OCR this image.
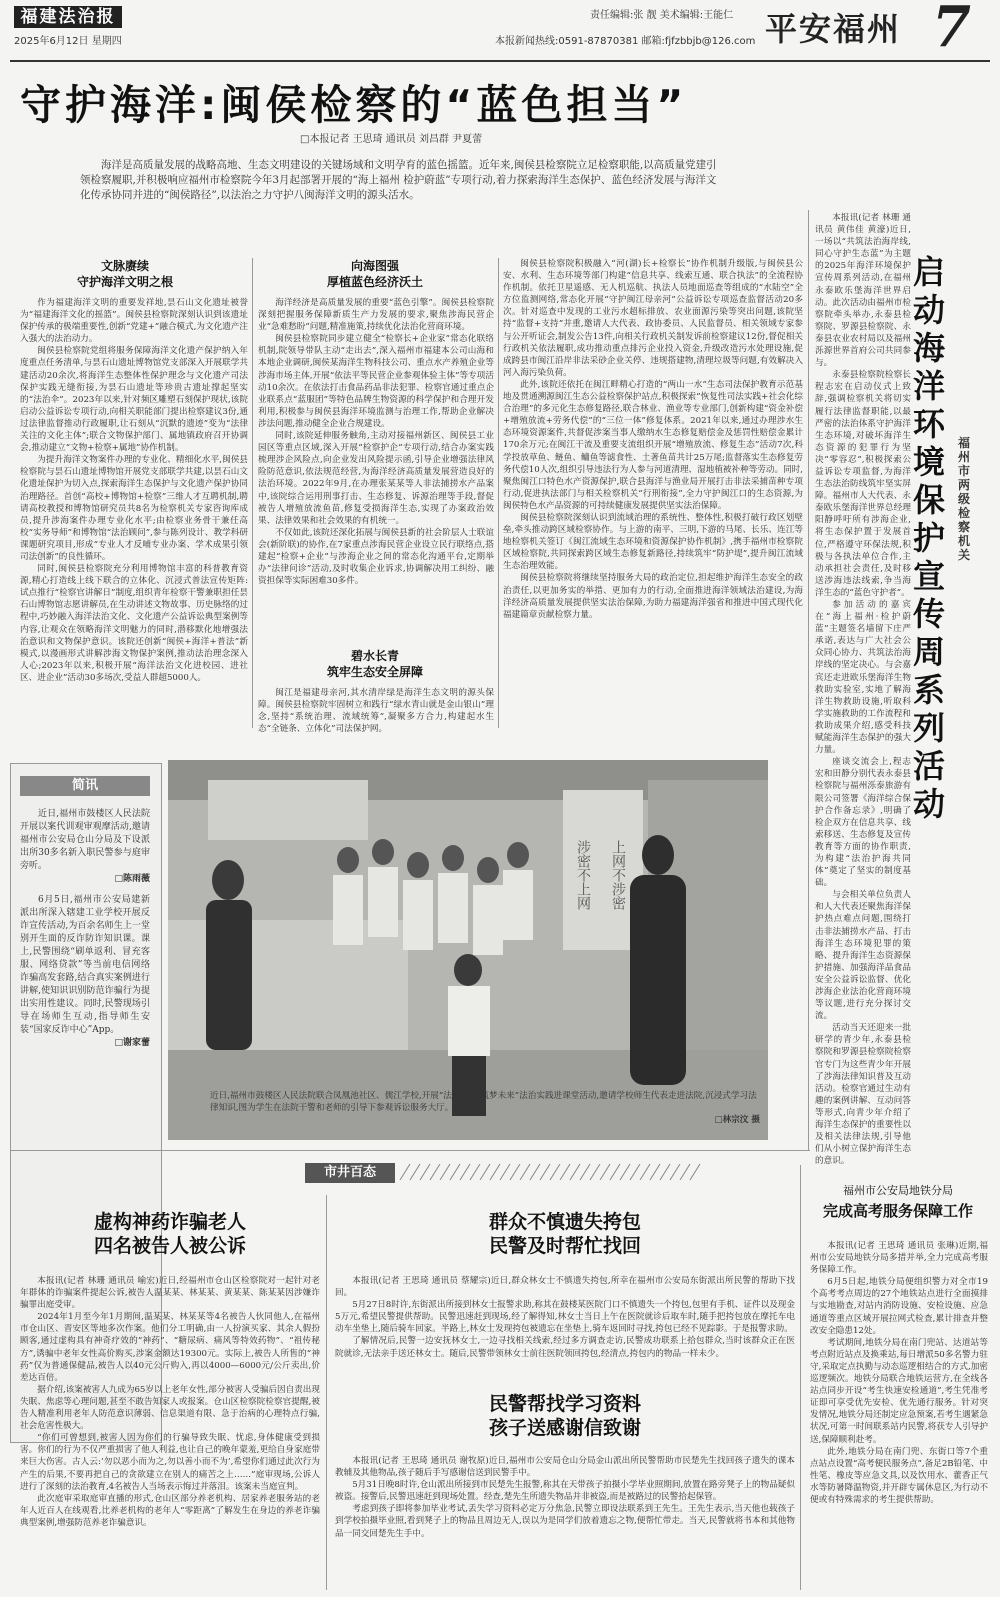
福建法治报
2025年6月12日 星期四
责任编辑:张 靓 美术编辑:王能仁
本报新闻热线:0591-87870381 邮箱:fjfzbbjb@126.com 平安福州 7
守护海洋:闽侯检察的“蓝色担当”
□本报记者 王思琦 通讯员 刘昌群 尹夏蕾
海洋是高质量发展的战略高地、生态文明建设的关键场域和文明孕育的蓝色摇篮。近年来,闽侯县检察院立足检察职能,以高质量党建引领检察履职,并积极响应福州市检察院今年3月起部署开展的“海上福州 检护蔚蓝”专项行动,着力探索海洋生态保护、蓝色经济发展与海洋文化传承协同并进的“闽侯路径”,以法治之力守护八闽海洋文明的源头活水。
文脉赓续
守护海洋文明之根
向海图强
厚植蓝色经济沃土
碧水长青
筑牢生态安全屏障

作为福建海洋文明的重要发祥地,昙石山文化遗址被誉为“福建海洋文化的摇篮”。闽侯县检察院深刻认识到该遗址保护传承的极端重要性,创新“党建+”融合模式,为文化遗产注入强大的法治动力。

闽侯县检察院党组将服务保障海洋文化遗产保护纳入年度重点任务清单,与昙石山遗址博物馆党支部深入开展联学共建活动20余次,将海洋生态整体性保护理念与文化遗产司法保护实践无缝衔接,为昙石山遗址等珍贵古遗址撑起坚实的“法治伞”。2023年以来,针对频区雕塑石刻保护现状,该院启动公益诉讼专项行动,向相关职能部门提出检察建议3份,通过法律监督推动行政履职,让石刻从“沉默的遗迹”变为“法律关注的文化主体”;联合文物保护部门、属地镇政府召开协调会,推动建立“文物+检察+属地”协作机制。

为提升海洋文物案件办理的专业化、精细化水平,闽侯县检察院与昙石山遗址博物馆开展党支部联学共建,以昙石山文化遗址保护为切入点,探索海洋生态保护与文化遗产保护协同治理路径。首创“高校+博物馆+检察”三维人才互聘机制,聘请高校教授和博物馆研究员共8名为检察机关专家咨询库成员,提升涉海案件办理专业化水平;由检察业务骨干兼任高校“实务导师”和博物馆“法治顾问”,参与陈列设计、教学科研课题研究项目,形成“专业人才反哺专业办案、学术成果引领司法创新”的良性循环。

同时,闽侯县检察院充分利用博物馆丰富的科普教育资源,精心打造线上线下联合的立体化、沉浸式普法宣传矩阵:试点推行“检察官讲解日”制度,组织青年检察干警兼职担任昙石山博物馆志愿讲解员,在生动讲述文物故事、历史脉络的过程中,巧妙融入海洋法治文化、文化遗产公益诉讼典型案例等内容,让观众在领略海洋文明魅力的同时,潜移默化地增强法治意识和文物保护意识。该院还创新“闽侯+海洋+普法”新模式,以漫画形式讲解涉海文物保护案例,推动法治理念深入人心;2023年以来,积极开展“海洋法治文化进校园、进社区、进企业”活动30多场次,受益人群超5000人。

海洋经济是高质量发展的重要“蓝色引擎”。闽侯县检察院深刻把握服务保障新质生产力发展的要求,聚焦涉海民营企业“急难愁盼”问题,精准施策,持续优化法治化营商环境。

闽侯县检察院同步建立健全“检察长+企业家”常态化联络机制,院领导带队主动“走出去”,深入福州市福建本公司山海和本地企业调研,闽侯某海洋生物科技公司、重点水产养殖企业等涉海市场主体,开展“依法平等民营企业参观体验主体”等专项活动10余次。在依法打击食品药品非法犯罪、检察官通过重点企业联系点“蓝服团”等特色品牌生物资源的科学保护和合理开发利用,积极参与闽侯县海洋环境监测与治理工作,帮助企业解决涉法问题,推动健全企业合规建设。

同时,该院延伸服务触角,主动对接福州新区、闽侯县工业园区等重点区域,深入开展“检察护企”专项行动,结合办案实践梳理涉企风险点,向企业发出风险提示函,引导企业增强法律风险防范意识,依法规范经营,为海洋经济高质量发展营造良好的法治环境。2022年9月,在办理张某某等人非法捕捞水产品案中,该院综合运用刑事打击、生态修复、诉源治理等手段,督促被告人增殖放流鱼苗,修复受损海洋生态,实现了办案政治效果、法律效果和社会效果的有机统一。

不仅如此,该院还深化拓展与闽侯县新的社会阶层人士联谊会(新阶联)的协作,在7家重点涉海民营企业设立民行联络点,搭建起“检察+企业”与涉海企业之间的常态化沟通平台,定期举办“法律问诊”活动,及时收集企业诉求,协调解决用工纠纷、融资担保等实际困难30多件。

闽江是福建母亲河,其水清岸绿是海洋生态文明的源头保障。闽侯县检察院牢固树立和践行“绿水青山就是金山银山”理念,坚持“系统治理、流域统筹”,凝聚多方合力,构建起水生态“全链条、立体化”司法保护网。

闽侯县检察院积极融入“河(湖)长+检察长”协作机制升级版,与闽侯县公安、水利、生态环境等部门构建“信息共享、线索互通、联合执法”的全流程协作机制。依托卫星遥感、无人机巡航、执法人员地面巡查等组成的“水陆空”全方位监测网络,常态化开展“守护闽江母亲河”公益诉讼专项巡查监督活动20多次。针对巡查中发现的工业污水超标排放、农业面源污染等突出问题,该院坚持“监督+支持”并重,邀请人大代表、政协委员、人民监督员、相关领域专家参与公开听证会,制发公告13件,向相关行政机关制发诉前检察建议12份,督促相关行政机关依法履职,成功推动重点排污企业投入资金,升级改造污水处理设施,促成跨县市闽江沿岸非法采砂企业关停、违规搭建物,清理垃圾等问题,有效解决入河入海污染负荷。

此外,该院还依托在闽江畔精心打造的“两山一水”生态司法保护教育示范基地及贯通溯源闽江生态公益检察保护站点,积极探索“恢复性司法实践+社会化综合治理”的多元化生态修复路径,联合林业、渔业等专业部门,创新构建“资金补偿+增殖放流+劳务代偿”的“三位一体”修复体系。2021年以来,通过办理涉水生态环境资源案件,共督促涉案当事人缴纳水生态修复赔偿金及惩罚性赔偿金累计170余万元;在闽江干流及重要支流组织开展“增殖放流、修复生态”活动7次,科学投放草鱼、鲢鱼、鳙鱼等滤食性、土著鱼苗共计25万尾;监督落实生态修复劳务代偿10人次,组织引导违法行为人参与河道清理、湿地植被补种等劳动。同时,聚焦闽江口特色水产资源保护,联合县海洋与渔业局开展打击非法采捕苗种专项行动,促进执法部门与相关检察机关“行刑衔接”,全力守护闽江口的生态资源,为闽侯特色水产品资源的可持续健康发展提供坚实法治保障。

闽侯县检察院深刻认识到流域治理的系统性、整体性,积极打破行政区划壁垒,牵头推动跨区域检察协作。与上游的南平、三明,下游的马尾、长乐、连江等地检察机关签订《闽江流域生态环境和资源保护协作机制》,携手福州市检察院区域检察院,共同探索跨区域生态修复新路径,持续筑牢“防护堤”,提升闽江流域生态治理效能。

闽侯县检察院将继续坚持服务大局的政治定位,担起维护海洋生态安全的政治责任,以更加务实的举措、更加有力的行动,全面推进海洋领域法治建设,为海洋经济高质量发展提供坚实法治保障,为助力福建海洋强省和推进中国式现代化福建篇章贡献检察力量。

启动海洋环境保护宣传周系列活动
福州市两级检察机关

本报讯(记者 林珊 通讯员 黄伟佳 黄濠)近日,一场以“共筑法治海岸线,同心守护生态蓝”为主题的2025年海洋环境保护宣传周系列活动,在福州永泰欧乐堡海洋世界启动。此次活动由福州市检察院牵头举办,永泰县检察院、罗源县检察院、永泰县农业农村局以及福州泺源世界首府公司共同参与。

永泰县检察院检察长程志宏在启动仪式上致辞,强调检察机关将切实履行法律监督职能,以最严密的法治体系守护海洋生态环境,对破坏海洋生态资源的犯罪行为坚决“零容忍”,积极探索公益诉讼专项监督,为海洋生态法治防线筑牢坚实屏障。福州市人大代表、永泰欧乐堡海洋世界总经理阳静呼吁所有涉海企业,将生态保护置于发展首位,严格遵守环保法规,积极与各执法单位合作,主动承担社会责任,及时移送涉海违法线索,争当海洋生态的“蓝色守护者”。

参加活动的嘉宾在“海上福州·检护蔚蓝”主题签名墙留下庄严承诺,表达与广大社会公众同心协力、共筑法治海岸线的坚定决心。与会嘉宾还走进欧乐堡海洋生物救助实验室,实地了解海洋生物救助设施,听取科学实施救助的工作流程和救助成果介绍,感受科技赋能海洋生态保护的强大力量。

座谈交流会上,程志宏和田静分别代表永泰县检察院与福州泺泰旅游有限公司签署《海洋综合保护合作备忘录》,明确了检企双方在信息共享、线索移送、生态修复及宣传教育等方面的协作职责,为构建“法治护海共同体”奠定了坚实的制度基础。

与会相关单位负责人和人大代表还聚焦海洋保护热点难点问题,围绕打击非法捕捞水产品、打击海洋生态环境犯罪的策略、提升海洋生态资源保护措施、加强海洋品食品安全公益诉讼监督、优化涉海企业法治化营商环境等议题,进行充分探讨交流。

活动当天还迎来一批研学的青少年,永泰县检察院和罗源县检察院检察官专门为这些青少年开展了涉海法律知识普及互动活动。检察官通过生动有趣的案例讲解、互动问答等形式,向青少年介绍了海洋生态保护的重要性以及相关法律法规,引导他们从小树立保护海洋生态的意识。

简讯

近日,福州市鼓楼区人民法院开展以案代训观审观摩活动,邀请福州市公安局仓山分局及下设派出所30多名新入职民警参与庭审旁听。

□陈雨薇

6月5日,福州市公安局建新派出所深入辖建工业学校开展反诈宣传活动,为百余名师生上一堂别开生面的反诈防诈知识课。课上,民警围绕“刷单返利、冒充客服、网络贷款”等当前电信网络诈骗高发套路,结合真实案例进行讲解,使知识识别防范诈骗行为提出实用性建议。同时,民警现场引导在场师生互动,指导师生安装“国家反诈中心”App。

□谢家蕾

涉密不上网 上网不涉密
近日,福州市鼓楼区人民法院联合凤凰池社区、儒江学校,开展“法护童年·筑梦未来”法治实践进课堂活动,邀请学校师生代表走进法院,沉浸式学习法律知识,图为学生在法院干警和老师的引导下参观诉讼服务大厅。
□林宗汶 摄
市井百态
虚构神药诈骗老人
四名被告人被公诉

本报讯(记者 林珊 通讯员 喻宏)近日,经福州市仓山区检察院对一起针对老年群体的诈骗案件提起公诉,被告人温某某、林某某、黄某某、陈某某因涉嫌诈骗罪出庭受审。

2024年1月至今年1月期间,温某某、林某某等4名被告人伙同他人,在福州市仓山区、晋安区等地多次作案。他们分工明确,由一人扮演买家、其余人假扮顾客,通过虚构具有神奇疗效的“神药”、“糖尿病、痛风等特效药物”、“祖传秘方”,诱骗中老年女性高价购买,涉案金额达19300元。实际上,被告人所售的“神药”仅为普通保健品,被告人以40元公斤购入,再以4000—6000元/公斤卖出,价差达百倍。

据介绍,该案被害人九成为65岁以上老年女性,部分被害人受骗后因自责出现失眠、焦虑等心理问题,甚至不敢告知家人或报案。仓山区检察院检察官提醒,被告人精准利用老年人防范意识薄弱、信息渠道有限、急于治病的心理特点行骗,社会危害性极大。

“你们可曾想到,被害人因为你们的行骗导致失眠、忧虑,身体健康受到损害。你们的行为不仅严重损害了他人利益,也让自己的晚年蒙羞,更给自身家庭带来巨大伤害。古人云:‘勿以恶小而为之,勿以善小而不为’,希望你们通过此次行为产生的后果,不要再把自己的贪欲建立在别人的痛苦之上……”庭审现场,公诉人进行了深刻的法治教育,4名被告人当场表示悔过并落泪。该案未当庭宣判。

此次庭审采取庭审直播的形式,仓山区部分养老机构、居家养老服务站的老年人近百人在线观看,比养老机构的老年人“零距离”了解发生在身边的养老诈骗典型案例,增强防范养老诈骗意识。

群众不慎遗失挎包
民警及时帮忙找回

本报讯(记者 王思琦 通讯员 蔡耀宗)近日,群众林女士不慎遗失挎包,所幸在福州市公安局东街派出所民警的帮助下找回。

5月27日8时许,东街派出所接到林女士报警求助,称其在鼓楼某医院门口不慎遗失一个挎包,包里有手机、证件以及现金5万元,希望民警提供帮助。民警迅速赶到现场,经了解得知,林女士当日上午在医院就诊后取车时,随手把挎包放在摩托车电动车坐垫上,随后骑车回家。半路上,林女士发现挎包被遗忘在坐垫上,骑车返回时寻找,挎包已经不见踪影。于是报警求助。

了解情况后,民警一边安抚林女士,一边寻找相关线索,经过多方调查走访,民警成功联系上拾包群众,当时该群众正在医院就诊,无法亲手送还林女士。随后,民警带领林女士前往医院领回挎包,经清点,挎包内的物品一样未少。

民警帮找学习资料
孩子送感谢信致谢

本报讯(记者 王思琦 通讯员 谢牧原)近日,福州市公安局仓山分局金山派出所民警帮助市民楚先生找回孩子遗失的课本教辅及其他物品,孩子随后手写感谢信送到民警手中。

5月31日晚8时许,仓山派出所接到市民楚先生报警,称其在天带孩子拍摄小学毕业照期间,放置在路旁凳子上的物品疑似被盗。接警后,民警迅速赶到现场处置。经查,楚先生所遗失物品并非被盗,而是被路过的民警拾起保管。

考虑到孩子即将参加毕业考试,丢失学习资料必定万分焦急,民警立即设法联系到王先生。王先生表示,当天他也载孩子到学校拍摄毕业照,看到凳子上的物品且周边无人,误以为是同学们放着遗忘之物,便帮忙带走。当天,民警就将书本和其他物品一同交回楚先生手中。

福州市公安局地铁分局
完成高考服务保障工作

本报讯(记者 王思琦 通讯员 张琳)近期,福州市公安局地铁分局多措并举,全力完成高考服务保障工作。

6月5日起,地铁分局便组织警力对全市19个高考考点周边的27个地铁站点进行全面摸排与实地勘查,对站内消防设施、安检设施、应急通道等重点区域开展拉网式检查,累计排查并整改安全隐患12处。

考试期间,地铁分局在南门兜站、达道站等考点附近站点及换乘站,每日增派50多名警力驻守,采取定点执勤与动态巡逻相结合的方式,加密巡逻频次。地铁分局联合地铁运营方,在全线各站点同步开设“考生快速安检通道”,考生凭准考证即可享受优先安检、优先通行服务。针对突发情况,地铁分局还制定应急预案,若考生遇紧急状况,可第一时间联系站内民警,将获专人引导护送,保障顺利赴考。

此外,地铁分局在南门兜、东街口等7个重点站点设置“高考便民服务点”,备足2B铅笔、中性笔、橡皮等应急文具,以及饮用水、藿香正气水等防暑降温物资,并开辟专属休息区,为行动不便或有特殊需求的考生提供帮助。
